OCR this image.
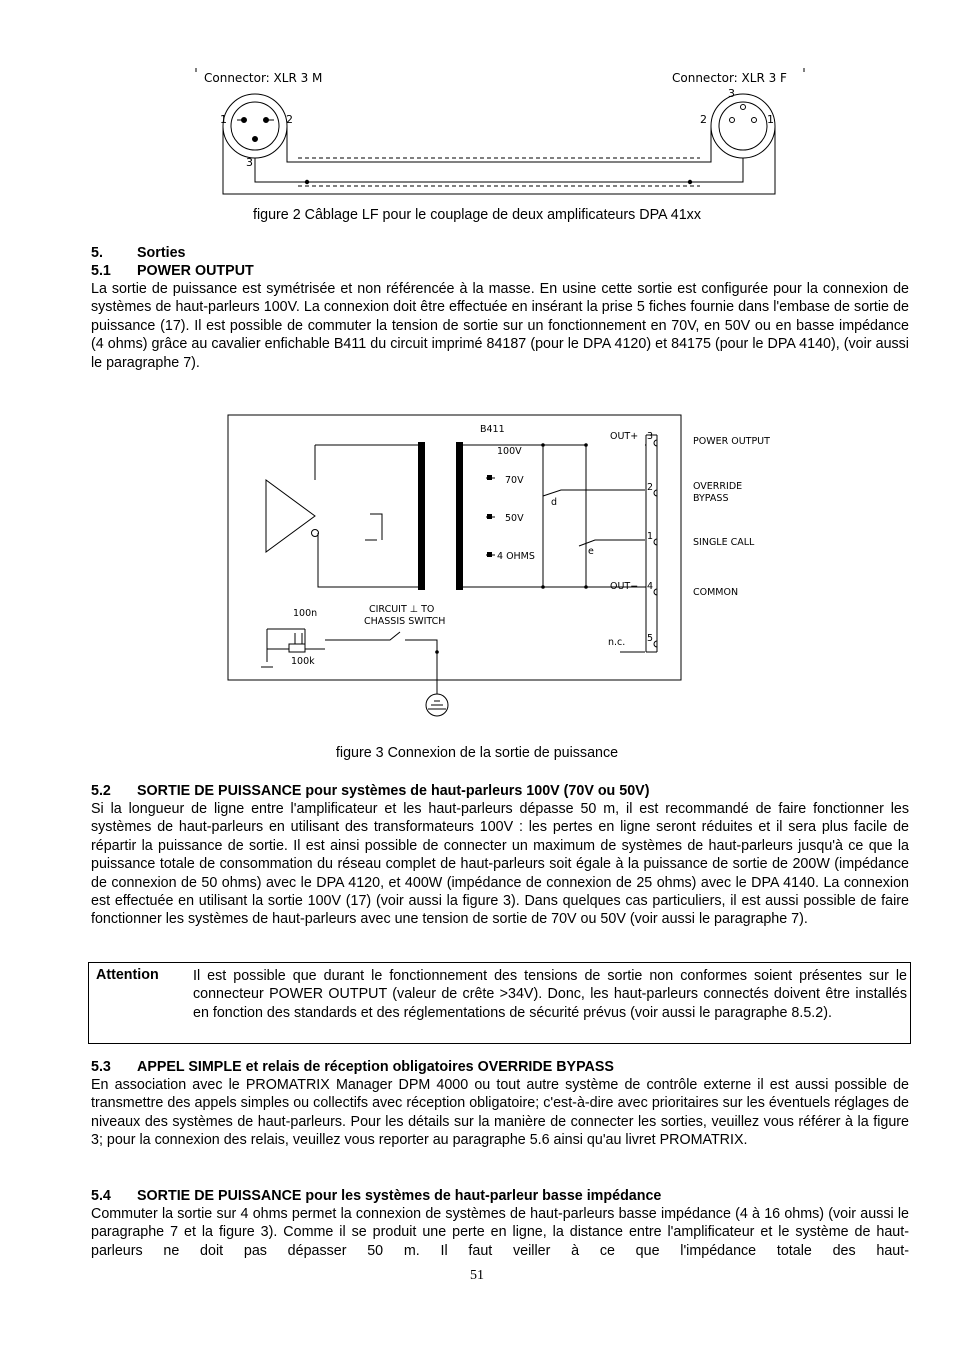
Connector: XLR 3 M	Connector: XLR 3 F
1	2
3
2	1
3
figure 2 Câblage LF pour le couplage de deux amplificateurs DPA 41xx
5. Sorties
5.1 POWER OUTPUT
La sortie de puissance est symétrisée et non référencée à la masse. En usine cette sortie est configurée pour la connexion de systèmes de haut-parleurs 100V. La connexion doit être effectuée en insérant la prise 5 fiches fournie dans l'embase de sortie de puissance (17). Il est possible de commuter la tension de sortie sur un fonctionnement en 70V, en 50V ou en basse impédance (4 ohms) grâce au cavalier enfichable B411 du circuit imprimé 84187 (pour le DPA 4120) et 84175 (pour le DPA 4140), (voir aussi le paragraphe 7).
B411
100V
70V
50V
4 OHMS
d
e
OUT+
OUT−
n.c.
3
2
1
4
5
POWER OUTPUT
OVERRIDE
BYPASS
SINGLE CALL
COMMON
100n
100k
CIRCUIT ⊥ TO
CHASSIS SWITCH
figure 3 Connexion de la sortie de puissance
5.2 SORTIE DE PUISSANCE pour systèmes de haut-parleurs 100V (70V ou 50V)
Si la longueur de ligne entre l'amplificateur et les haut-parleurs dépasse 50 m, il est recommandé de faire fonctionner les systèmes de haut-parleurs en utilisant des transformateurs 100V : les pertes en ligne seront réduites et il sera plus facile de répartir la puissance de sortie. Il est ainsi possible de connecter un maximum de systèmes de haut-parleurs jusqu'à ce que la puissance totale de consommation du réseau complet de haut-parleurs soit égale à la puissance de sortie de 200W (impédance de connexion de 50 ohms) avec le DPA 4120, et 400W (impédance de connexion de 25 ohms) avec le DPA 4140. La connexion est effectuée en utilisant la sortie 100V (17) (voir aussi la figure 3). Dans quelques cas particuliers, il est aussi possible de faire fonctionner les systèmes de haut-parleurs avec une tension de sortie de 70V ou 50V (voir aussi le paragraphe 7).
Attention Il est possible que durant le fonctionnement des tensions de sortie non conformes soient présentes sur le connecteur POWER OUTPUT (valeur de crête >34V). Donc, les haut-parleurs connectés doivent être installés en fonction des standards et des réglementations de sécurité prévus (voir aussi le paragraphe 8.5.2).
5.3 APPEL SIMPLE et relais de réception obligatoires OVERRIDE BYPASS
En association avec le PROMATRIX Manager DPM 4000 ou tout autre système de contrôle externe il est aussi possible de transmettre des appels simples ou collectifs avec réception obligatoire; c'est-à-dire avec prioritaires sur les éventuels réglages de niveaux des systèmes de haut-parleurs. Pour les détails sur la manière de connecter les sorties, veuillez vous référer à la figure 3; pour la connexion des relais, veuillez vous reporter au paragraphe 5.6 ainsi qu'au livret PROMATRIX.
5.4 SORTIE DE PUISSANCE pour les systèmes de haut-parleur basse impédance
Commuter la sortie sur 4 ohms permet la connexion de systèmes de haut-parleurs basse impédance (4 à 16 ohms) (voir aussi le paragraphe 7 et la figure 3). Comme il se produit une perte en ligne, la distance entre l'amplificateur et le système de haut-parleurs ne doit pas dépasser 50 m. Il faut veiller à ce que l'impédance totale des haut-
51
